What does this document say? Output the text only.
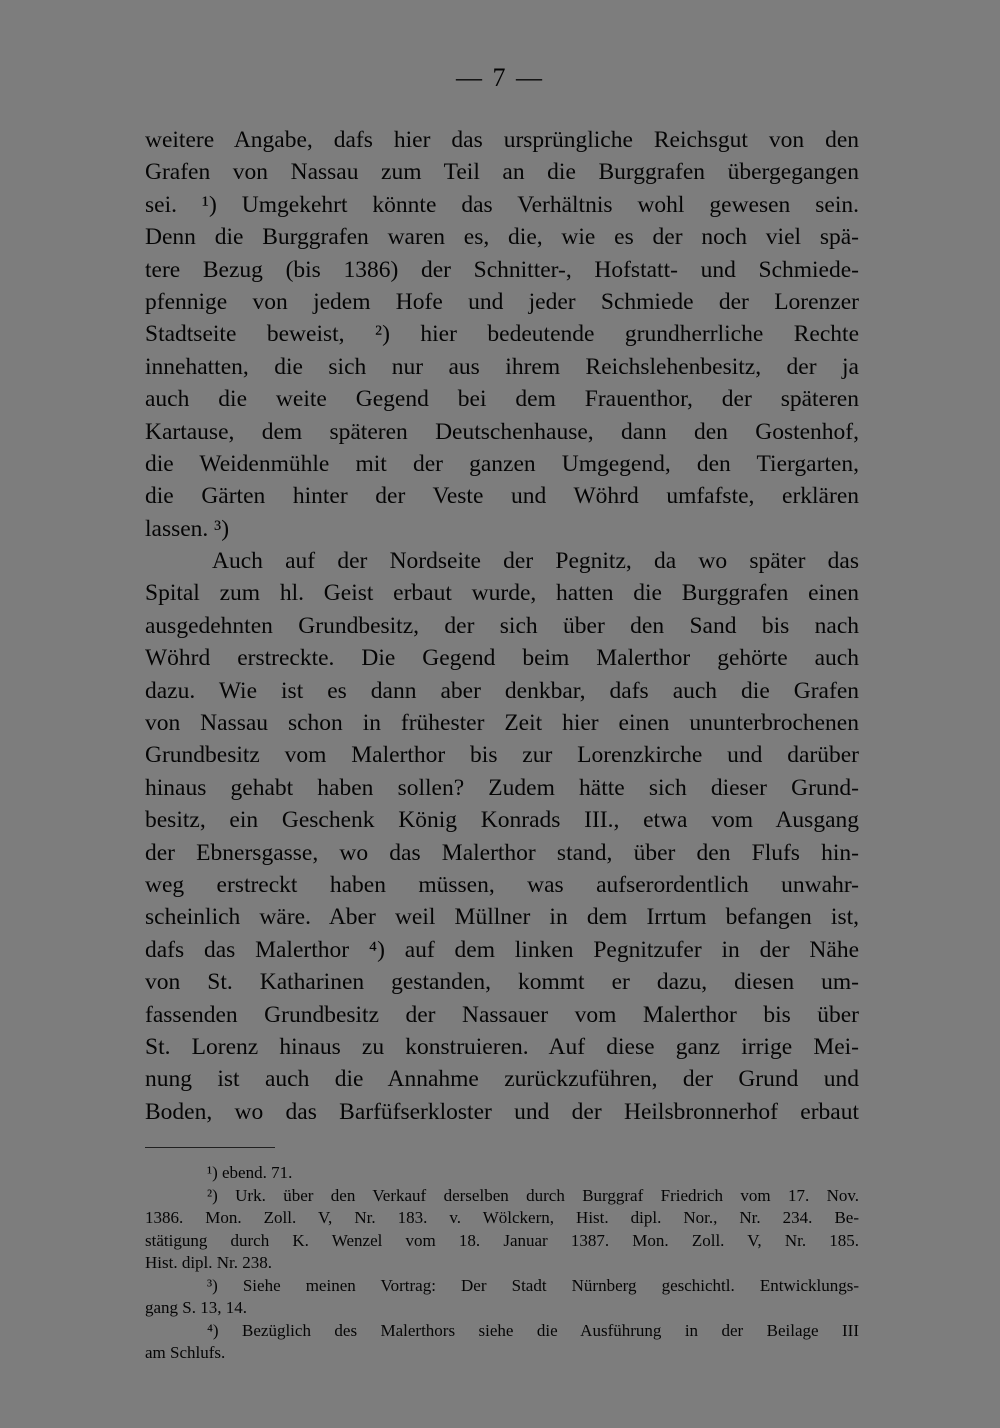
— 7 —
weitere Angabe, dafs hier das ursprüngliche Reichsgut von den
Grafen von Nassau zum Teil an die Burggrafen übergegangen
sei. ¹) Umgekehrt könnte das Verhältnis wohl gewesen sein.
Denn die Burggrafen waren es, die, wie es der noch viel spä-
tere Bezug (bis 1386) der Schnitter-, Hofstatt- und Schmiede-
pfennige von jedem Hofe und jeder Schmiede der Lorenzer
Stadtseite beweist, ²) hier bedeutende grundherrliche Rechte
innehatten, die sich nur aus ihrem Reichslehenbesitz, der ja
auch die weite Gegend bei dem Frauenthor, der späteren
Kartause, dem späteren Deutschenhause, dann den Gostenhof,
die Weidenmühle mit der ganzen Umgegend, den Tiergarten,
die Gärten hinter der Veste und Wöhrd umfafste, erklären
lassen. ³)
Auch auf der Nordseite der Pegnitz, da wo später das
Spital zum hl. Geist erbaut wurde, hatten die Burggrafen einen
ausgedehnten Grundbesitz, der sich über den Sand bis nach
Wöhrd erstreckte. Die Gegend beim Malerthor gehörte auch
dazu. Wie ist es dann aber denkbar, dafs auch die Grafen
von Nassau schon in frühester Zeit hier einen ununterbrochenen
Grundbesitz vom Malerthor bis zur Lorenzkirche und darüber
hinaus gehabt haben sollen? Zudem hätte sich dieser Grund-
besitz, ein Geschenk König Konrads III., etwa vom Ausgang
der Ebnersgasse, wo das Malerthor stand, über den Flufs hin-
weg erstreckt haben müssen, was aufserordentlich unwahr-
scheinlich wäre. Aber weil Müllner in dem Irrtum befangen ist,
dafs das Malerthor ⁴) auf dem linken Pegnitzufer in der Nähe
von St. Katharinen gestanden, kommt er dazu, diesen um-
fassenden Grundbesitz der Nassauer vom Malerthor bis über
St. Lorenz hinaus zu konstruieren. Auf diese ganz irrige Mei-
nung ist auch die Annahme zurückzuführen, der Grund und
Boden, wo das Barfüfserkloster und der Heilsbronnerhof erbaut
¹) ebend. 71.
²) Urk. über den Verkauf derselben durch Burggraf Friedrich vom 17. Nov.
1386. Mon. Zoll. V, Nr. 183. v. Wölckern, Hist. dipl. Nor., Nr. 234. Be-
stätigung durch K. Wenzel vom 18. Januar 1387. Mon. Zoll. V, Nr. 185.
Hist. dipl. Nr. 238.
³) Siehe meinen Vortrag: Der Stadt Nürnberg geschichtl. Entwicklungs-
gang S. 13, 14.
⁴) Bezüglich des Malerthors siehe die Ausführung in der Beilage III
am Schlufs.
